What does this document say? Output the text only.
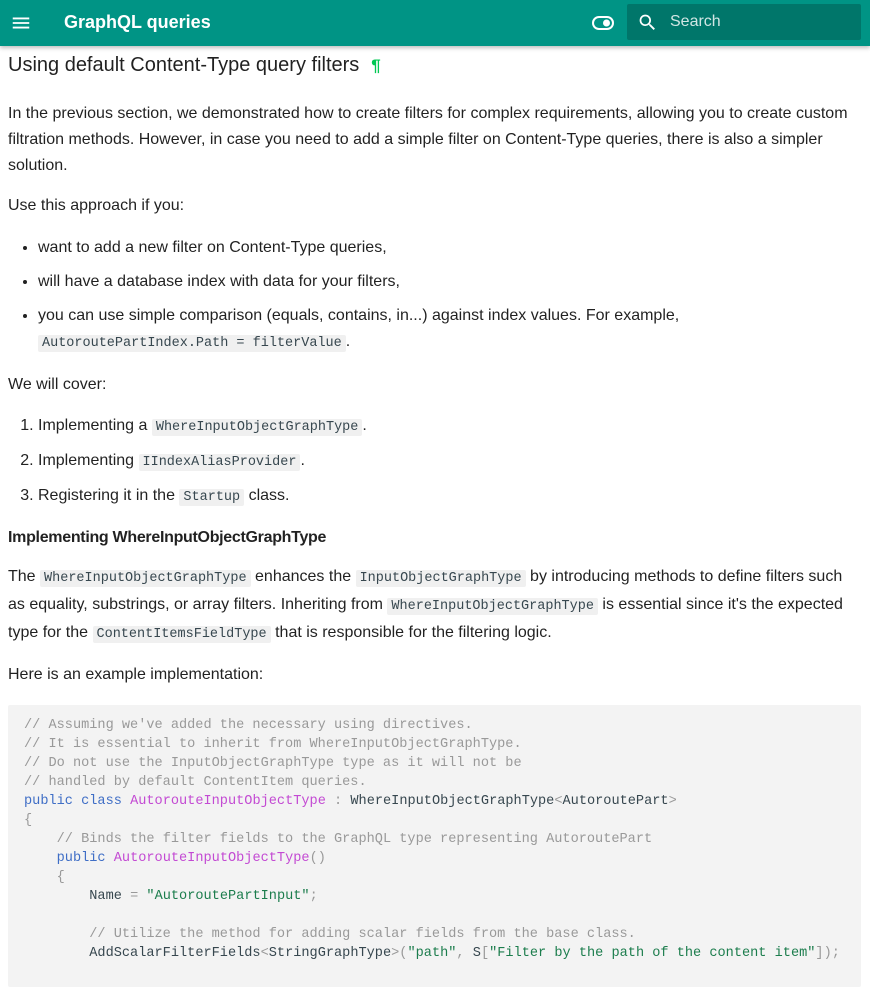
GraphQL queries
Search
Using default Content-Type query filters ¶

In the previous section, we demonstrated how to create filters for complex requirements, allowing you to create custom filtration methods. However, in case you need to add a simple filter on Content-Type queries, there is also a simpler solution.

Use this approach if you:

• want to add a new filter on Content-Type queries,
• will have a database index with data for your filters,
• you can use simple comparison (equals, contains, in...) against index values. For example,
AutoroutePartIndex.Path = filterValue .

We will cover:

1. Implementing a WhereInputObjectGraphType .
2. Implementing IIndexAliasProvider .
3. Registering it in the Startup class.
Implementing WhereInputObjectGraphType

The WhereInputObjectGraphType enhances the InputObjectGraphType by introducing methods to define filters such as equality, substrings, or array filters. Inheriting from WhereInputObjectGraphType is essential since it's the expected type for the ContentItemsFieldType that is responsible for the filtering logic.

Here is an example implementation:

// Assuming we've added the necessary using directives.
// It is essential to inherit from WhereInputObjectGraphType.
// Do not use the InputObjectGraphType type as it will not be
// handled by default ContentItem queries.
public class AutorouteInputObjectType : WhereInputObjectGraphType<AutoroutePart>
{
// Binds the filter fields to the GraphQL type representing AutoroutePart
public AutorouteInputObjectType()
{
Name = "AutoroutePartInput";
// Utilize the method for adding scalar fields from the base class.
AddScalarFilterFields<StringGraphType>("path", S["Filter by the path of the content item"]);
